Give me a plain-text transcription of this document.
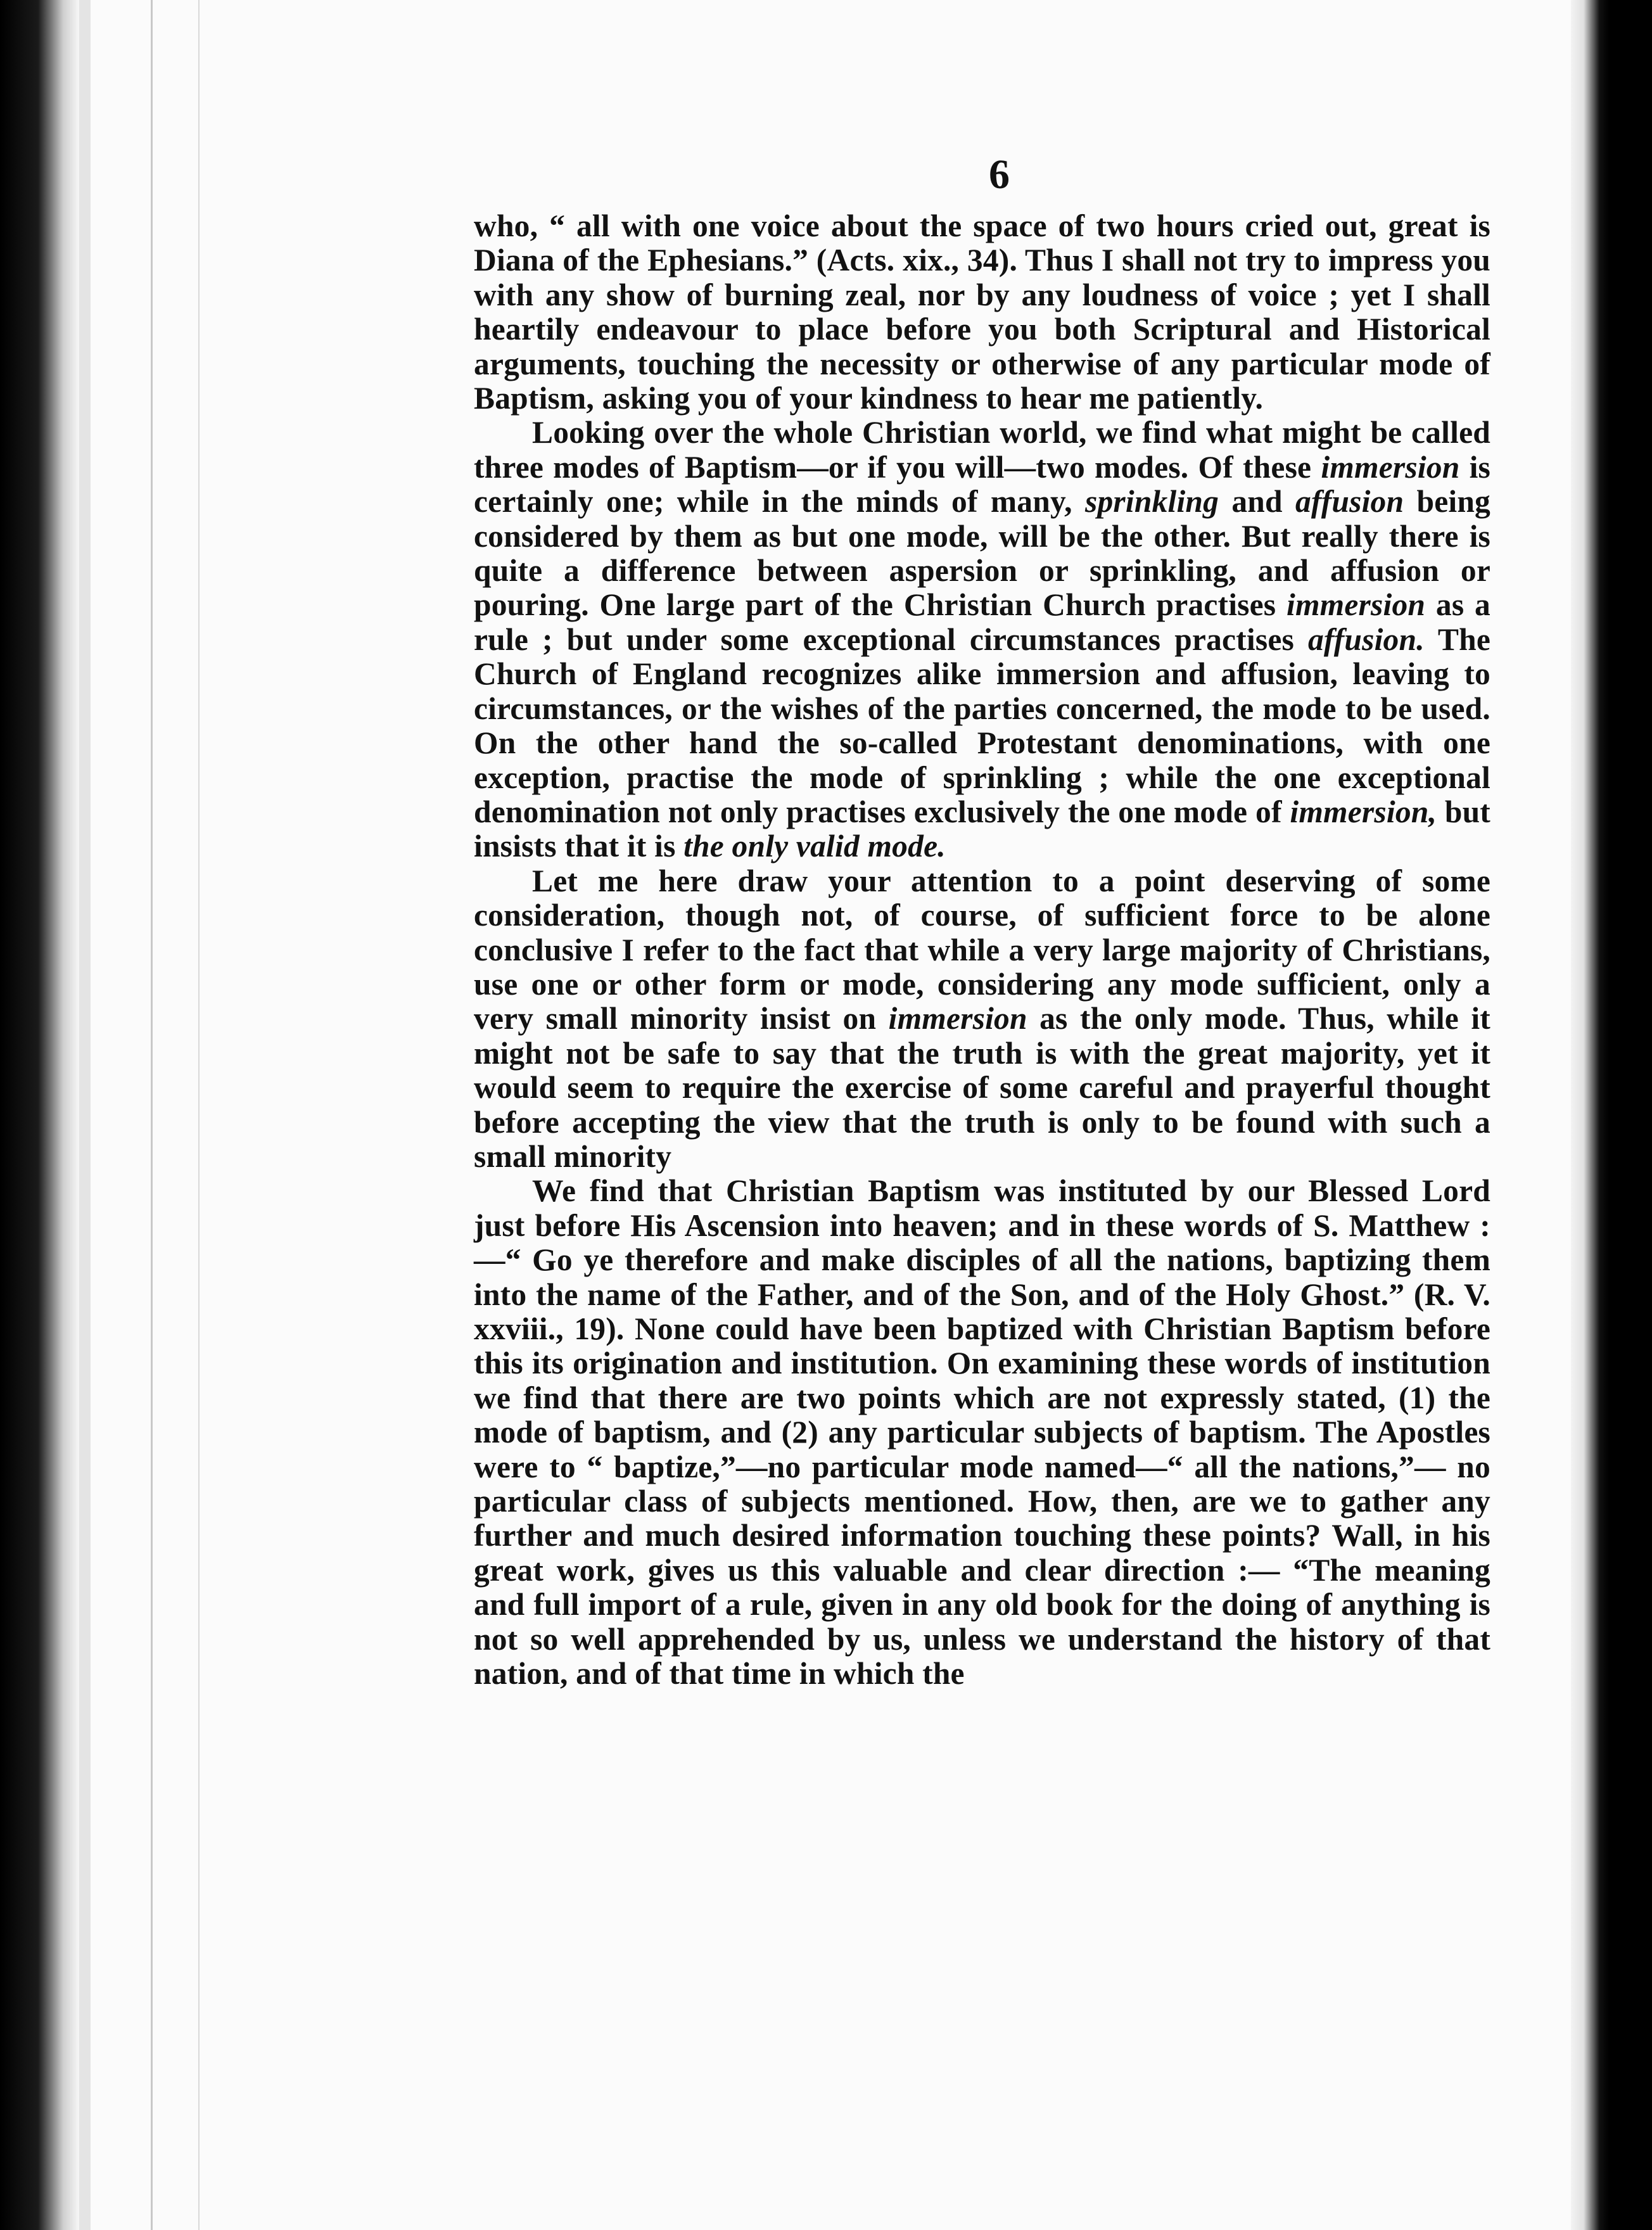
6

who, “ all with one voice about the space of two hours cried out, great is Diana of the Ephesians.” (Acts. xix., 34). Thus I shall not try to impress you with any show of burning zeal, nor by any loudness of voice ; yet I shall heartily endeavour to place before you both Scriptural and Historical arguments, touching the necessity or otherwise of any particular mode of Baptism, asking you of your kindness to hear me patiently.

Looking over the whole Christian world, we find what might be called three modes of Baptism—or if you will—two modes. Of these immersion is certainly one; while in the minds of many, sprinkling and affusion being considered by them as but one mode, will be the other. But really there is quite a difference between aspersion or sprinkling, and affusion or pouring. One large part of the Christian Church practises immersion as a rule ; but under some exceptional circumstances practises affusion. The Church of England recognizes alike immersion and affusion, leaving to circumstances, or the wishes of the parties concerned, the mode to be used. On the other hand the so-called Protestant denominations, with one exception, practise the mode of sprinkling ; while the one exceptional denomination not only practises exclusively the one mode of immersion, but insists that it is the only valid mode.

Let me here draw your attention to a point deserving of some consideration, though not, of course, of sufficient force to be alone conclusive I refer to the fact that while a very large majority of Christians, use one or other form or mode, considering any mode sufficient, only a very small minority insist on immersion as the only mode. Thus, while it might not be safe to say that the truth is with the great majority, yet it would seem to require the exercise of some careful and prayerful thought before accepting the view that the truth is only to be found with such a small minority

We find that Christian Baptism was instituted by our Blessed Lord just before His Ascension into heaven; and in these words of S. Matthew :—“ Go ye therefore and make disciples of all the nations, baptizing them into the name of the Father, and of the Son, and of the Holy Ghost.” (R. V. xxviii., 19). None could have been baptized with Christian Baptism before this its origination and institution. On examining these words of institution we find that there are two points which are not expressly stated, (1) the mode of baptism, and (2) any particular subjects of baptism. The Apostles were to “ baptize,”—no particular mode named—“ all the nations,”— no particular class of subjects mentioned. How, then, are we to gather any further and much desired information touching these points? Wall, in his great work, gives us this valuable and clear direction :— “The meaning and full import of a rule, given in any old book for the doing of anything is not so well apprehended by us, unless we understand the history of that nation, and of that time in which the
